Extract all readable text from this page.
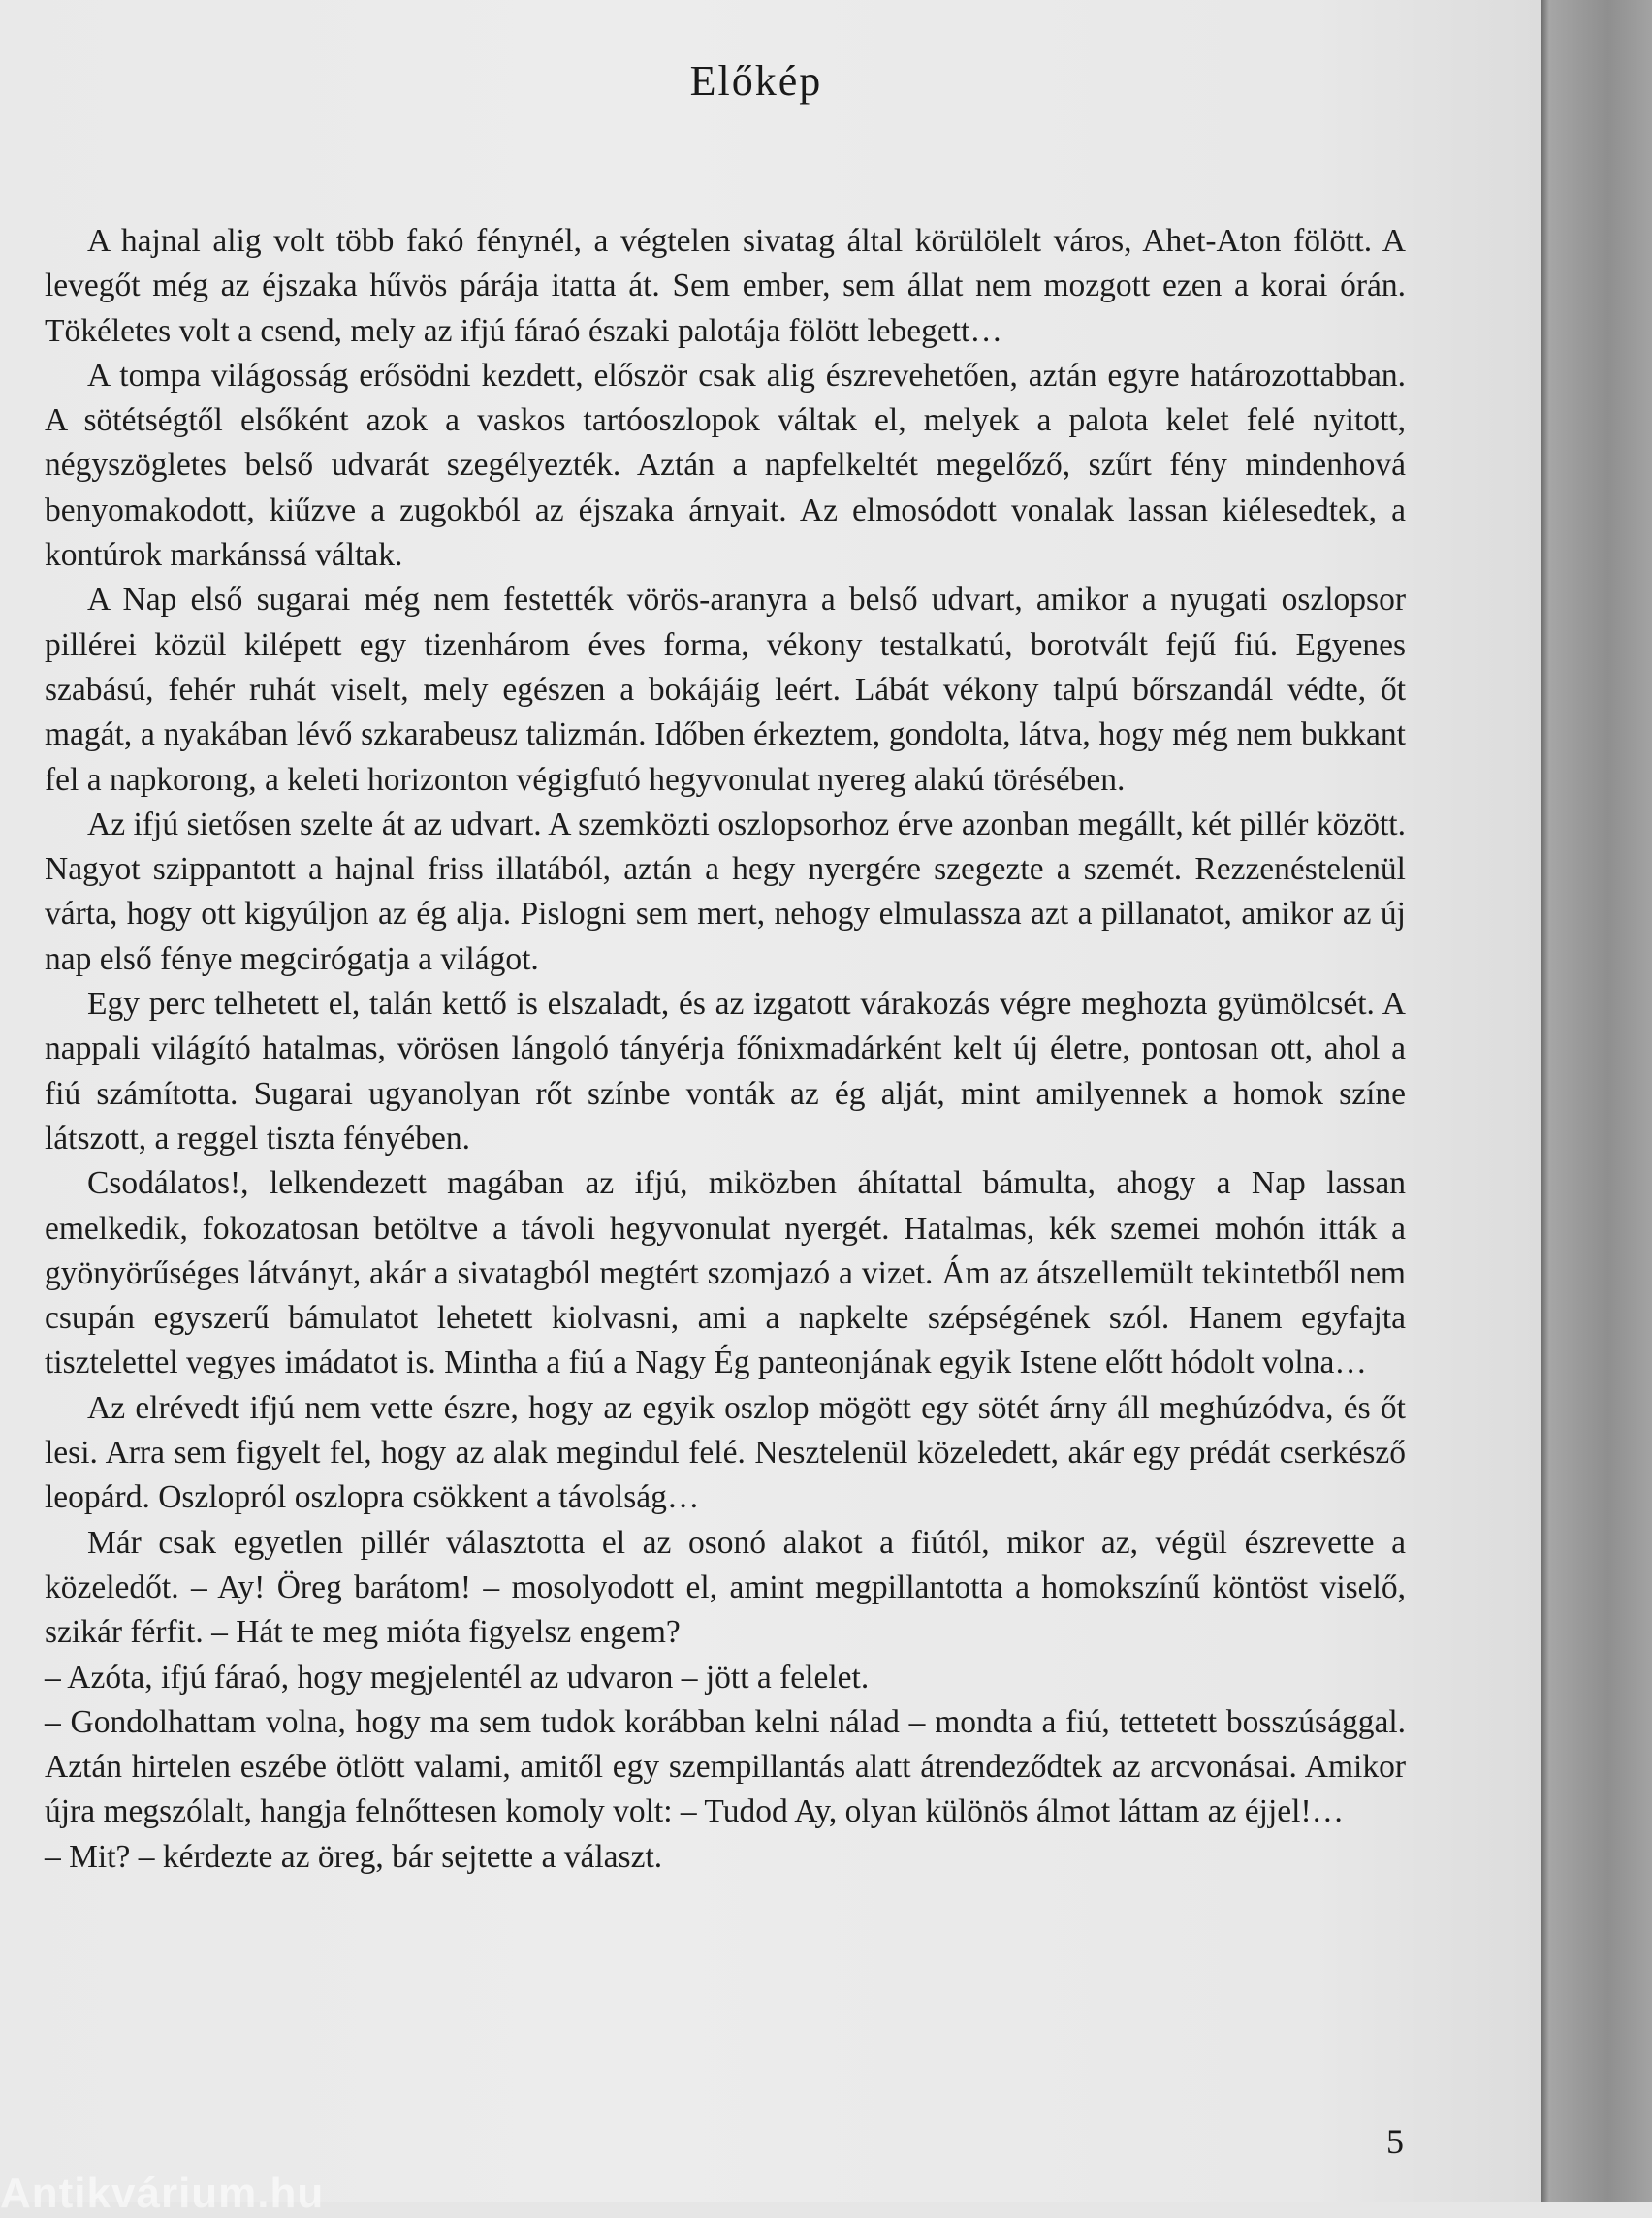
Előkép

A hajnal alig volt több fakó fénynél, a végtelen sivatag által körülölelt város, Ahet-Aton fölött. A levegőt még az éjszaka hűvös párája itatta át. Sem ember, sem állat nem mozgott ezen a korai órán. Tökéletes volt a csend, mely az ifjú fáraó északi palotája fölött lebegett…

A tompa világosság erősödni kezdett, először csak alig észrevehetően, aztán egyre határozottabban. A sötétségtől elsőként azok a vaskos tartóoszlopok váltak el, melyek a palota kelet felé nyitott, négyszögletes belső udvarát szegélyezték. Aztán a napfelkeltét megelőző, szűrt fény mindenhová benyomakodott, kiűzve a zugokból az éjszaka árnyait. Az elmosódott vonalak lassan kiélesedtek, a kontúrok markánssá váltak.

A Nap első sugarai még nem festették vörös-aranyra a belső udvart, amikor a nyugati oszlopsor pillérei közül kilépett egy tizenhárom éves forma, vékony testalkatú, borotvált fejű fiú. Egyenes szabású, fehér ruhát viselt, mely egészen a bokájáig leért. Lábát vékony talpú bőrszandál védte, őt magát, a nyakában lévő szkarabeusz talizmán. Időben érkeztem, gondolta, látva, hogy még nem bukkant fel a napkorong, a keleti horizonton végigfutó hegyvonulat nyereg alakú törésében.

Az ifjú sietősen szelte át az udvart. A szemközti oszlopsorhoz érve azonban megállt, két pillér között. Nagyot szippantott a hajnal friss illatából, aztán a hegy nyergére szegezte a szemét. Rezzenéstelenül várta, hogy ott kigyúljon az ég alja. Pislogni sem mert, nehogy elmulassza azt a pillanatot, amikor az új nap első fénye megcirógatja a világot.

Egy perc telhetett el, talán kettő is elszaladt, és az izgatott várakozás végre meghozta gyümölcsét. A nappali világító hatalmas, vörösen lángoló tányérja főnixmadárként kelt új életre, pontosan ott, ahol a fiú számította. Sugarai ugyanolyan rőt színbe vonták az ég alját, mint amilyennek a homok színe látszott, a reggel tiszta fényében.

Csodálatos!, lelkendezett magában az ifjú, miközben áhítattal bámulta, ahogy a Nap lassan emelkedik, fokozatosan betöltve a távoli hegyvonulat nyergét. Hatalmas, kék szemei mohón itták a gyönyörűséges látványt, akár a sivatagból megtért szomjazó a vizet. Ám az átszellemült tekintetből nem csupán egyszerű bámulatot lehetett kiolvasni, ami a napkelte szépségének szól. Hanem egyfajta tisztelettel vegyes imádatot is. Mintha a fiú a Nagy Ég panteonjának egyik Istene előtt hódolt volna…

Az elrévedt ifjú nem vette észre, hogy az egyik oszlop mögött egy sötét árny áll meghúzódva, és őt lesi. Arra sem figyelt fel, hogy az alak megindul felé. Nesztelenül közeledett, akár egy prédát cserkésző leopárd. Oszlopról oszlopra csökkent a távolság…

Már csak egyetlen pillér választotta el az osonó alakot a fiútól, mikor az, végül észrevette a közeledőt. – Ay! Öreg barátom! – mosolyodott el, amint megpillantotta a homokszínű köntöst viselő, szikár férfit. – Hát te meg mióta figyelsz engem?

– Azóta, ifjú fáraó, hogy megjelentél az udvaron – jött a felelet.

– Gondolhattam volna, hogy ma sem tudok korábban kelni nálad – mondta a fiú, tettetett bosszúsággal. Aztán hirtelen eszébe ötlött valami, amitől egy szempillantás alatt átrendeződtek az arcvonásai. Amikor újra megszólalt, hangja felnőttesen komoly volt: – Tudod Ay, olyan különös álmot láttam az éjjel!…

– Mit? – kérdezte az öreg, bár sejtette a választ.

5
Antikvárium.hu
